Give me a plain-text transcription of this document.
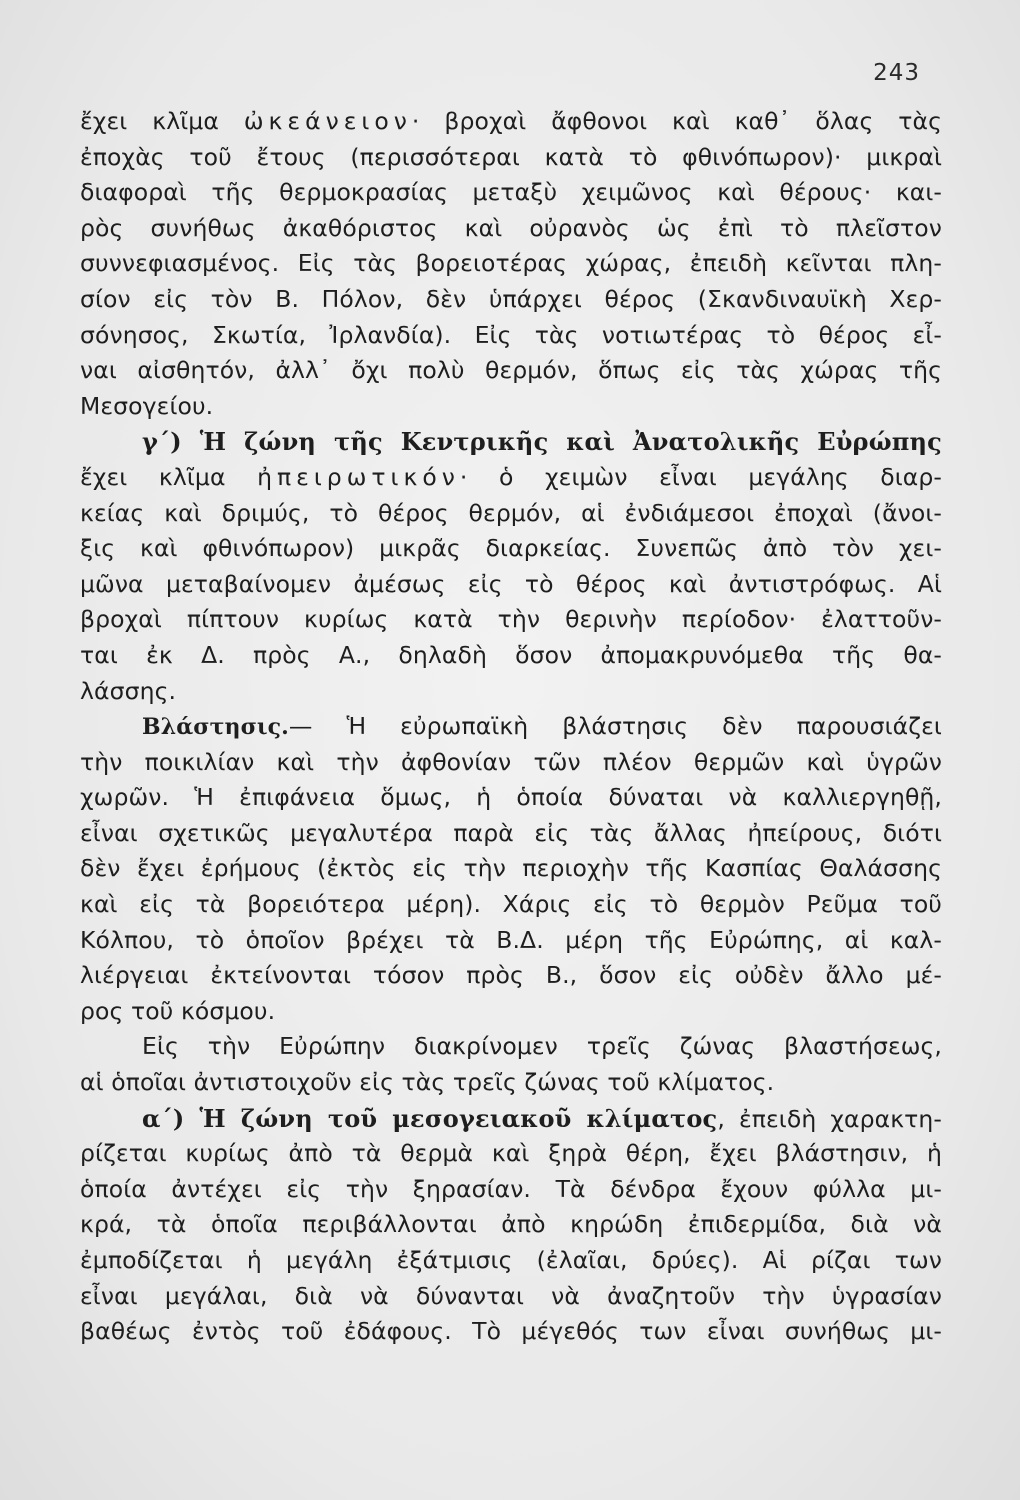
243
ἔχει κλῖμα ὠκεάνειον· βροχαὶ ἄφθονοι καὶ καθ᾿ ὅλας τὰς
ἐποχὰς τοῦ ἔτους (περισσότεραι κατὰ τὸ φθινόπωρον)· μικραὶ
διαφοραὶ τῆς θερμοκρασίας μεταξὺ χειμῶνος καὶ θέρους· και-
ρὸς συνήθως ἀκαθόριστος καὶ οὐρανὸς ὡς ἐπὶ τὸ πλεῖστον
συννεφιασμένος. Εἰς τὰς βορειοτέρας χώρας, ἐπειδὴ κεῖνται πλη-
σίον εἰς τὸν Β. Πόλον, δὲν ὑπάρχει θέρος (Σκανδιναυϊκὴ Χερ-
σόνησος, Σκωτία, Ἰρλανδία). Εἰς τὰς νοτιωτέρας τὸ θέρος εἶ-
ναι αἰσθητόν, ἀλλ᾿ ὄχι πολὺ θερμόν, ὅπως εἰς τὰς χώρας τῆς
Μεσογείου.
γ΄) Ἡ ζώνη τῆς Κεντρικῆς καὶ Ἀνατολικῆς Εὐρώπης
ἔχει κλῖμα ἠπειρωτικόν· ὁ χειμὼν εἶναι μεγάλης διαρ-
κείας καὶ δριμύς, τὸ θέρος θερμόν, αἱ ἐνδιάμεσοι ἐποχαὶ (ἄνοι-
ξις καὶ φθινόπωρον) μικρᾶς διαρκείας. Συνεπῶς ἀπὸ τὸν χει-
μῶνα μεταβαίνομεν ἀμέσως εἰς τὸ θέρος καὶ ἀντιστρόφως. Αἱ
βροχαὶ πίπτουν κυρίως κατὰ τὴν θερινὴν περίοδον· ἐλαττοῦν-
ται ἐκ Δ. πρὸς Α., δηλαδὴ ὅσον ἀπομακρυνόμεθα τῆς θα-
λάσσης.
Βλάστησις.— Ἡ εὐρωπαϊκὴ βλάστησις δὲν παρουσιάζει
τὴν ποικιλίαν καὶ τὴν ἀφθονίαν τῶν πλέον θερμῶν καὶ ὑγρῶν
χωρῶν. Ἡ ἐπιφάνεια ὅμως, ἡ ὁποία δύναται νὰ καλλιεργηθῇ,
εἶναι σχετικῶς μεγαλυτέρα παρὰ εἰς τὰς ἄλλας ἠπείρους, διότι
δὲν ἔχει ἐρήμους (ἐκτὸς εἰς τὴν περιοχὴν τῆς Κασπίας Θαλάσσης
καὶ εἰς τὰ βορειότερα μέρη). Χάρις εἰς τὸ θερμὸν Ρεῦμα τοῦ
Κόλπου, τὸ ὁποῖον βρέχει τὰ Β.Δ. μέρη τῆς Εὐρώπης, αἱ καλ-
λιέργειαι ἐκτείνονται τόσον πρὸς Β., ὅσον εἰς οὐδὲν ἄλλο μέ-
ρος τοῦ κόσμου.
Εἰς τὴν Εὐρώπην διακρίνομεν τρεῖς ζώνας βλαστήσεως,
αἱ ὁποῖαι ἀντιστοιχοῦν εἰς τὰς τρεῖς ζώνας τοῦ κλίματος.
α΄) Ἡ ζώνη τοῦ μεσογειακοῦ κλίματος, ἐπειδὴ χαρακτη-
ρίζεται κυρίως ἀπὸ τὰ θερμὰ καὶ ξηρὰ θέρη, ἔχει βλάστησιν, ἡ
ὁποία ἀντέχει εἰς τὴν ξηρασίαν. Τὰ δένδρα ἔχουν φύλλα μι-
κρά, τὰ ὁποῖα περιβάλλονται ἀπὸ κηρώδη ἐπιδερμίδα, διὰ νὰ
ἐμποδίζεται ἡ μεγάλη ἐξάτμισις (ἐλαῖαι, δρύες). Αἱ ρίζαι των
εἶναι μεγάλαι, διὰ νὰ δύνανται νὰ ἀναζητοῦν τὴν ὑγρασίαν
βαθέως ἐντὸς τοῦ ἐδάφους. Τὸ μέγεθός των εἶναι συνήθως μι-
